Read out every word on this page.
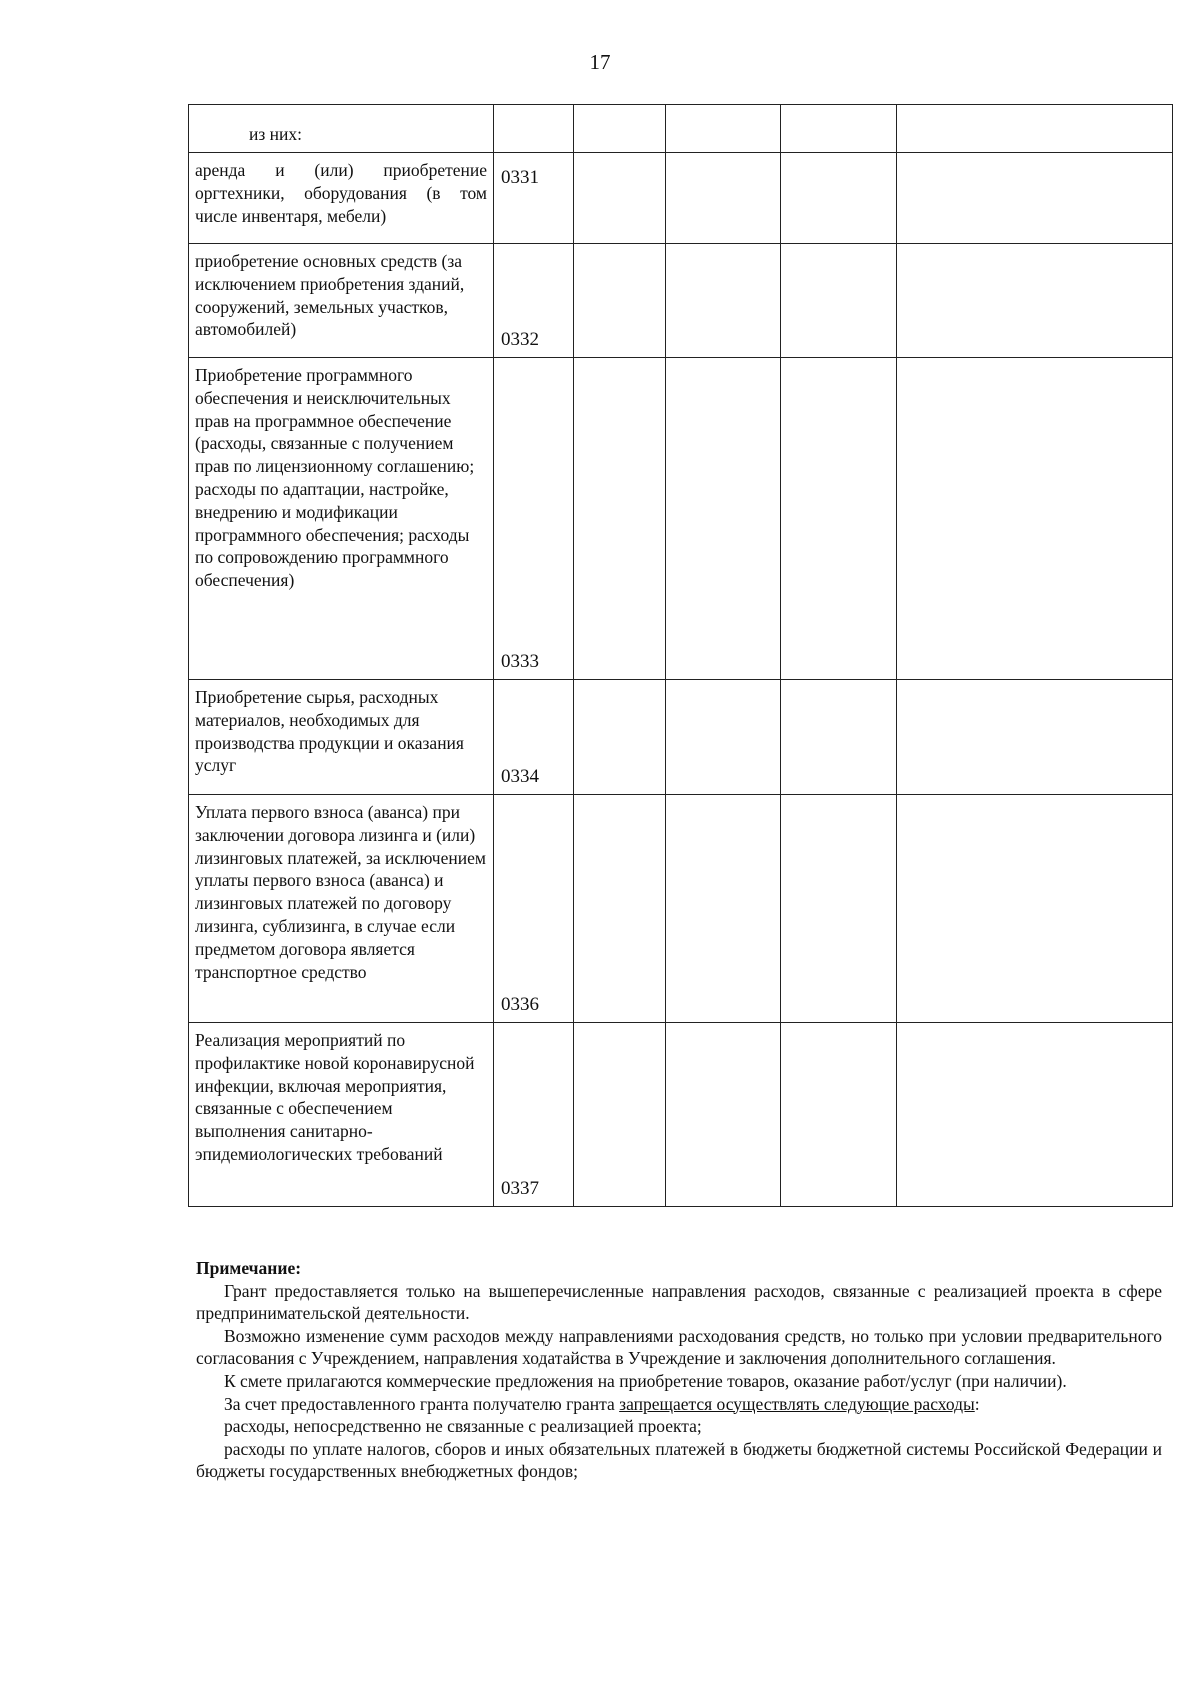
17
из них:					

аренда и (или) приобретение оргтехники, оборудования (в том числе инвентаря, мебели)	0331				
приобретение основных средств (за исключением приобретения зданий, сооружений, земельных участков, автомобилей)	0332				
Приобретение программного обеспечения и неисключительных прав на программное обеспечение (расходы, связанные с получением прав по лицензионному соглашению; расходы по адаптации, настройке, внедрению и модификации программного обеспечения; расходы по сопровождению программного обеспечения)	0333				
Приобретение сырья, расходных материалов, необходимых для производства продукции и оказания услуг	0334				
Уплата первого взноса (аванса) при заключении договора лизинга и (или) лизинговых платежей, за исключением уплаты первого взноса (аванса) и лизинговых платежей по договору лизинга, сублизинга, в случае если предметом договора является транспортное средство	0336				
Реализация мероприятий по профилактике новой коронавирусной инфекции, включая мероприятия, связанные с обеспечением выполнения санитарно-эпидемиологических требований	0337				

Примечание:

Грант предоставляется только на вышеперечисленные направления расходов, связанные с реализацией проекта в сфере предпринимательской деятельности.

Возможно изменение сумм расходов между направлениями расходования средств, но только при условии предварительного согласования с Учреждением, направления ходатайства в Учреждение и заключения дополнительного соглашения.

К смете прилагаются коммерческие предложения на приобретение товаров, оказание работ/услуг (при наличии).

За счет предоставленного гранта получателю гранта запрещается осуществлять следующие расходы:

расходы, непосредственно не связанные с реализацией проекта;

расходы по уплате налогов, сборов и иных обязательных платежей в бюджеты бюджетной системы Российской Федерации и бюджеты государственных внебюджетных фондов;
